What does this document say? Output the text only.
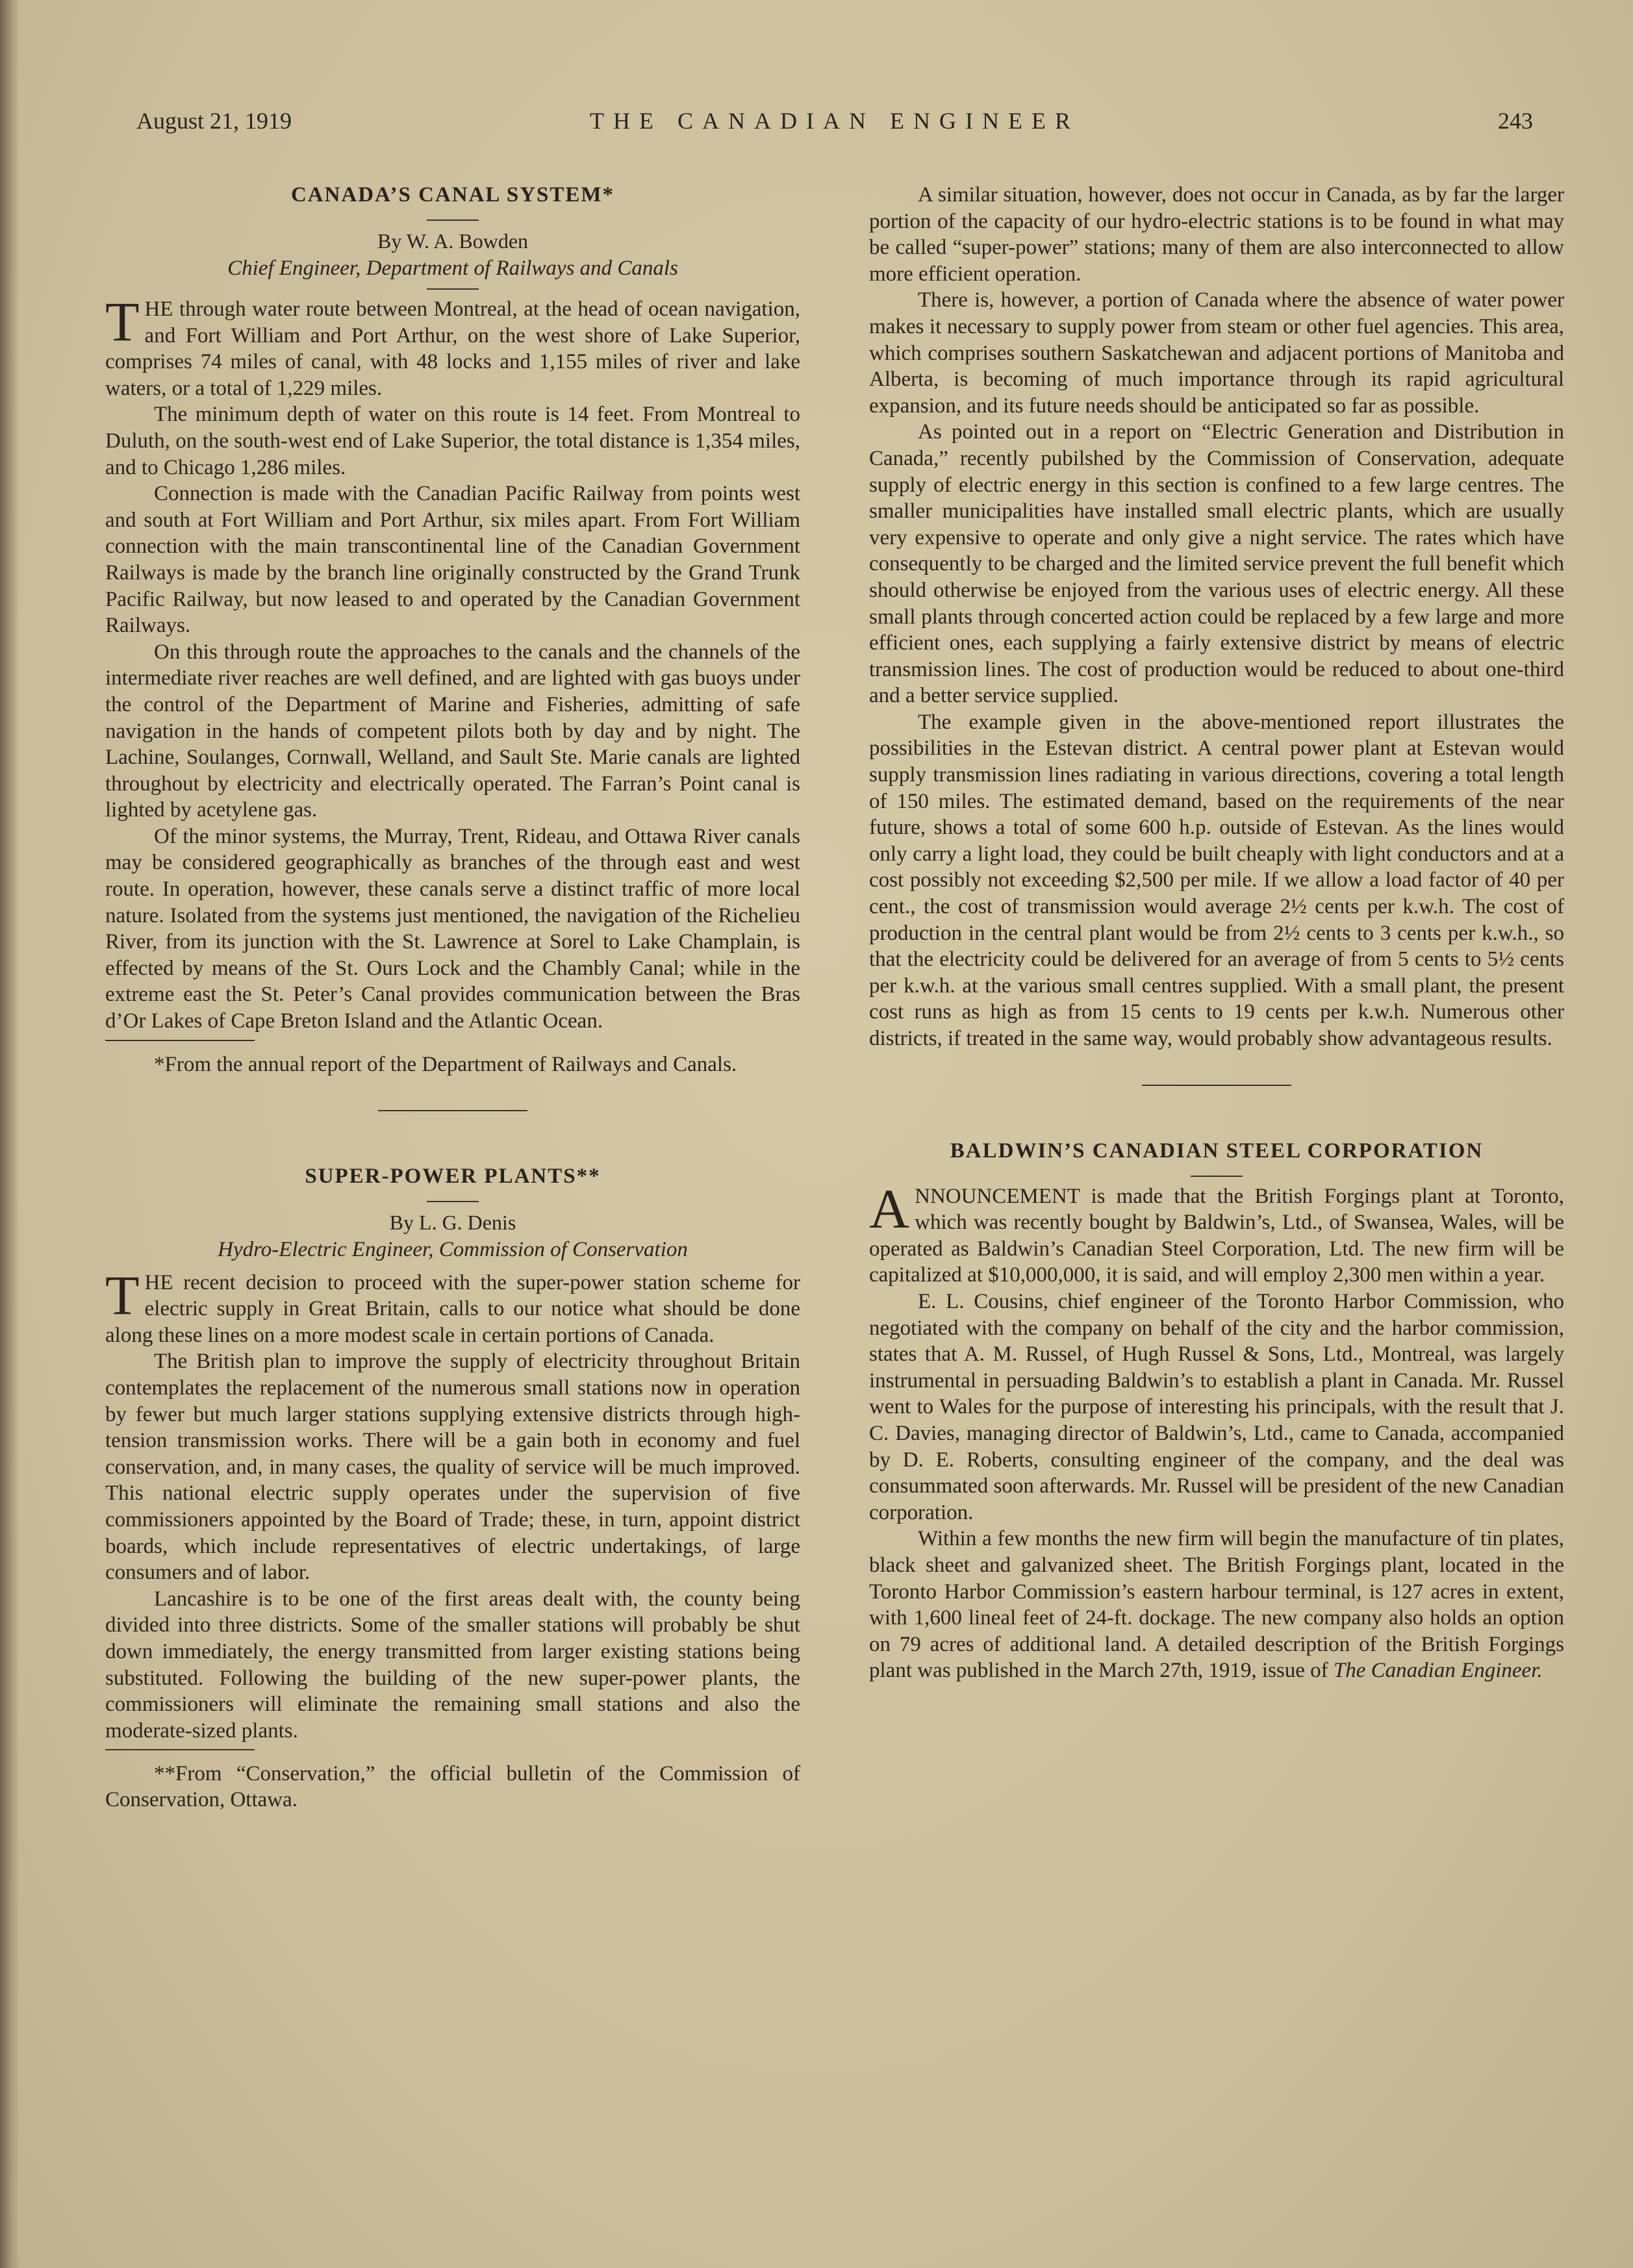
THE CANADIAN ENGINEER
August 21, 1919	243
CANADA’S CANAL SYSTEM*
By W. A. Bowden
Chief Engineer, Department of Railways and Canals

THE through water route between Montreal, at the head of ocean navigation, and Fort William and Port Arthur, on the west shore of Lake Superior, comprises 74 miles of canal, with 48 locks and 1,155 miles of river and lake waters, or a total of 1,229 miles.

The minimum depth of water on this route is 14 feet. From Montreal to Duluth, on the south-west end of Lake Superior, the total distance is 1,354 miles, and to Chicago 1,286 miles.

Connection is made with the Canadian Pacific Railway from points west and south at Fort William and Port Arthur, six miles apart. From Fort William connection with the main transcontinental line of the Canadian Government Railways is made by the branch line originally constructed by the Grand Trunk Pacific Railway, but now leased to and operated by the Canadian Government Railways.

On this through route the approaches to the canals and the channels of the intermediate river reaches are well defined, and are lighted with gas buoys under the control of the Department of Marine and Fisheries, admitting of safe navigation in the hands of competent pilots both by day and by night. The Lachine, Soulanges, Cornwall, Welland, and Sault Ste. Marie canals are lighted throughout by electricity and electrically operated. The Farran’s Point canal is lighted by acetylene gas.

Of the minor systems, the Murray, Trent, Rideau, and Ottawa River canals may be considered geographically as branches of the through east and west route. In operation, however, these canals serve a distinct traffic of more local nature. Isolated from the systems just mentioned, the navigation of the Richelieu River, from its junction with the St. Lawrence at Sorel to Lake Champlain, is effected by means of the St. Ours Lock and the Chambly Canal; while in the extreme east the St. Peter’s Canal provides communication between the Bras d’Or Lakes of Cape Breton Island and the Atlantic Ocean.

*From the annual report of the Department of Railways and Canals.

SUPER-POWER PLANTS**
By L. G. Denis
Hydro-Electric Engineer, Commission of Conservation

THE recent decision to proceed with the super-power station scheme for electric supply in Great Britain, calls to our notice what should be done along these lines on a more modest scale in certain portions of Canada.

The British plan to improve the supply of electricity throughout Britain contemplates the replacement of the numerous small stations now in operation by fewer but much larger stations supplying extensive districts through high-tension transmission works. There will be a gain both in economy and fuel conservation, and, in many cases, the quality of service will be much improved. This national electric supply operates under the supervision of five commissioners appointed by the Board of Trade; these, in turn, appoint district boards, which include representatives of electric undertakings, of large consumers and of labor.

Lancashire is to be one of the first areas dealt with, the county being divided into three districts. Some of the smaller stations will probably be shut down immediately, the energy transmitted from larger existing stations being substituted. Following the building of the new super-power plants, the commissioners will eliminate the remaining small stations and also the moderate-sized plants.

**From “Conservation,” the official bulletin of the Commission of Conservation, Ottawa.

A similar situation, however, does not occur in Canada, as by far the larger portion of the capacity of our hydro-electric stations is to be found in what may be called “super-power” stations; many of them are also interconnected to allow more efficient operation.

There is, however, a portion of Canada where the absence of water power makes it necessary to supply power from steam or other fuel agencies. This area, which comprises southern Saskatchewan and adjacent portions of Manitoba and Alberta, is becoming of much importance through its rapid agricultural expansion, and its future needs should be anticipated so far as possible.

As pointed out in a report on “Electric Generation and Distribution in Canada,” recently pubilshed by the Commission of Conservation, adequate supply of electric energy in this section is confined to a few large centres. The smaller municipalities have installed small electric plants, which are usually very expensive to operate and only give a night service. The rates which have consequently to be charged and the limited service prevent the full benefit which should otherwise be enjoyed from the various uses of electric energy. All these small plants through concerted action could be replaced by a few large and more efficient ones, each supplying a fairly extensive district by means of electric transmission lines. The cost of production would be reduced to about one-third and a better service supplied.

The example given in the above-mentioned report illustrates the possibilities in the Estevan district. A central power plant at Estevan would supply transmission lines radiating in various directions, covering a total length of 150 miles. The estimated demand, based on the requirements of the near future, shows a total of some 600 h.p. outside of Estevan. As the lines would only carry a light load, they could be built cheaply with light conductors and at a cost possibly not exceeding $2,500 per mile. If we allow a load factor of 40 per cent., the cost of transmission would average 2½ cents per k.w.h. The cost of production in the central plant would be from 2½ cents to 3 cents per k.w.h., so that the electricity could be delivered for an average of from 5 cents to 5½ cents per k.w.h. at the various small centres supplied. With a small plant, the present cost runs as high as from 15 cents to 19 cents per k.w.h. Numerous other districts, if treated in the same way, would probably show advantageous results.

BALDWIN’S CANADIAN STEEL CORPORATION

ANNOUNCEMENT is made that the British Forgings plant at Toronto, which was recently bought by Baldwin’s, Ltd., of Swansea, Wales, will be operated as Baldwin’s Canadian Steel Corporation, Ltd. The new firm will be capitalized at $10,000,000, it is said, and will employ 2,300 men within a year.

E. L. Cousins, chief engineer of the Toronto Harbor Commission, who negotiated with the company on behalf of the city and the harbor commission, states that A. M. Russel, of Hugh Russel & Sons, Ltd., Montreal, was largely instrumental in persuading Baldwin’s to establish a plant in Canada. Mr. Russel went to Wales for the purpose of interesting his principals, with the result that J. C. Davies, managing director of Baldwin’s, Ltd., came to Canada, accompanied by D. E. Roberts, consulting engineer of the company, and the deal was consummated soon afterwards. Mr. Russel will be president of the new Canadian corporation.

Within a few months the new firm will begin the manufacture of tin plates, black sheet and galvanized sheet. The British Forgings plant, located in the Toronto Harbor Commission’s eastern harbour terminal, is 127 acres in extent, with 1,600 lineal feet of 24-ft. dockage. The new company also holds an option on 79 acres of additional land. A detailed description of the British Forgings plant was published in the March 27th, 1919, issue of The Canadian Engineer.
